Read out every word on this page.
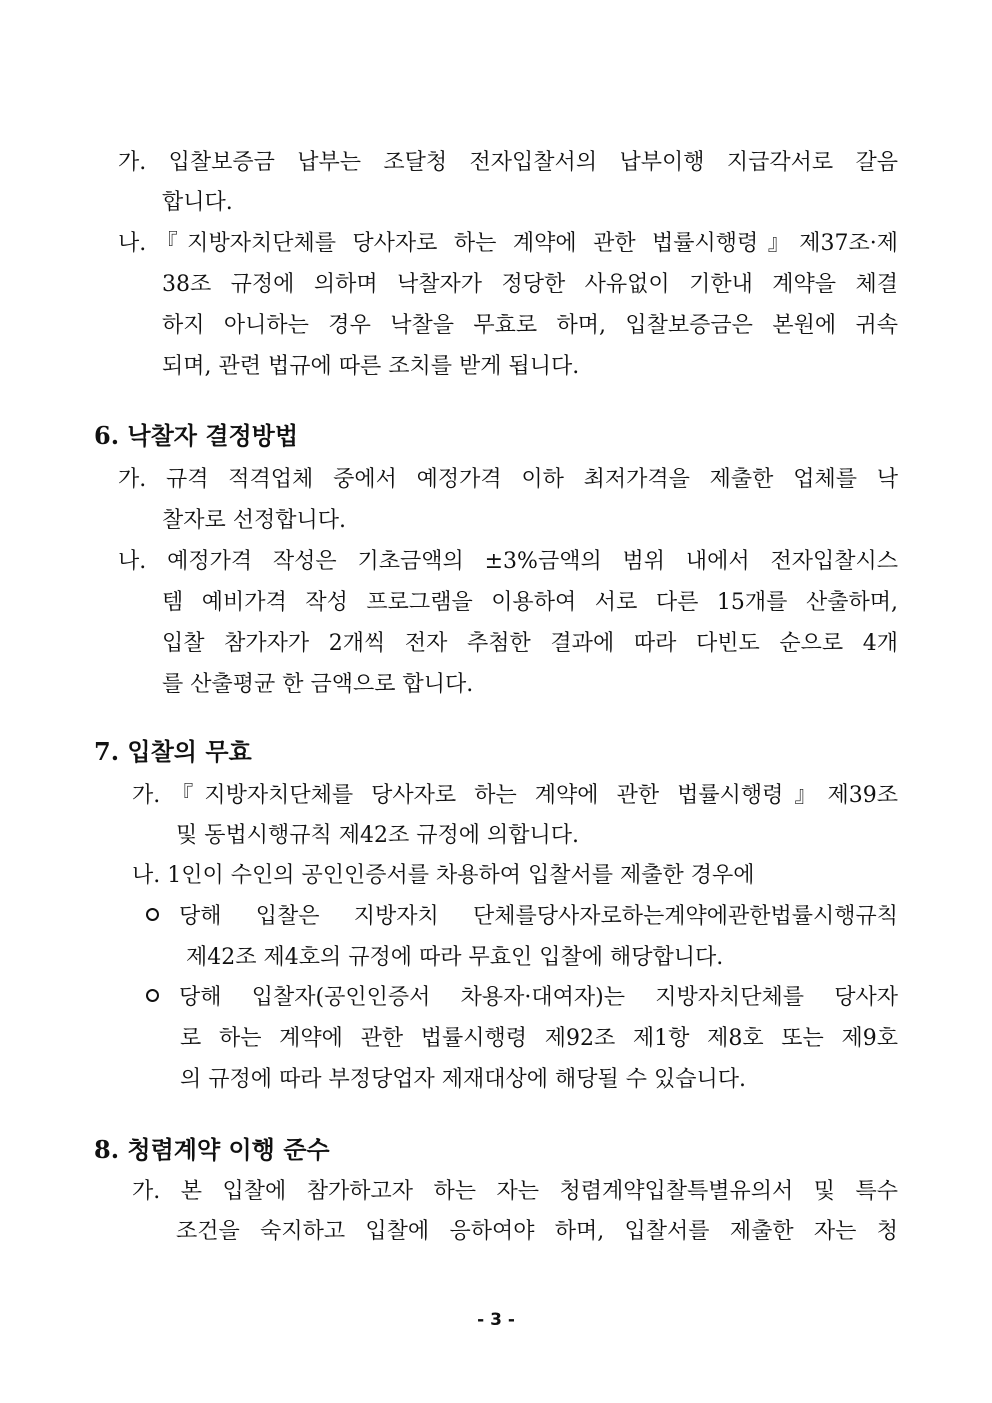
가. 입찰보증금 납부는 조달청 전자입찰서의 납부이행 지급각서로 갈음
합니다.
나.『지방자치단체를 당사자로 하는 계약에 관한 법률시행령』제37조·제
38조 규정에 의하며 낙찰자가 정당한 사유없이 기한내 계약을 체결
하지 아니하는 경우 낙찰을 무효로 하며, 입찰보증금은 본원에 귀속
되며, 관련 법규에 따른 조치를 받게 됩니다.
6. 낙찰자 결정방법
가. 규격 적격업체 중에서 예정가격 이하 최저가격을 제출한 업체를 낙
찰자로 선정합니다.
나. 예정가격 작성은 기초금액의 ±3%금액의 범위 내에서 전자입찰시스
템 예비가격 작성 프로그램을 이용하여 서로 다른 15개를 산출하며,
입찰 참가자가 2개씩 전자 추첨한 결과에 따라 다빈도 순으로 4개
를 산출평균 한 금액으로 합니다.
7. 입찰의 무효
가.『지방자치단체를 당사자로 하는 계약에 관한 법률시행령』제39조
및 동법시행규칙 제42조 규정에 의합니다.
나. 1인이 수인의 공인인증서를 차용하여 입찰서를 제출한 경우에
당해 입찰은 지방자치 단체를당사자로하는계약에관한법률시행규칙
제42조 제4호의 규정에 따라 무효인 입찰에 해당합니다.
당해 입찰자(공인인증서 차용자·대여자)는 지방자치단체를 당사자
로 하는 계약에 관한 법률시행령 제92조 제1항 제8호 또는 제9호
의 규정에 따라 부정당업자 제재대상에 해당될 수 있습니다.
8. 청렴계약 이행 준수
가. 본 입찰에 참가하고자 하는 자는 청렴계약입찰특별유의서 및 특수
조건을 숙지하고 입찰에 응하여야 하며, 입찰서를 제출한 자는 청
- 3 -
